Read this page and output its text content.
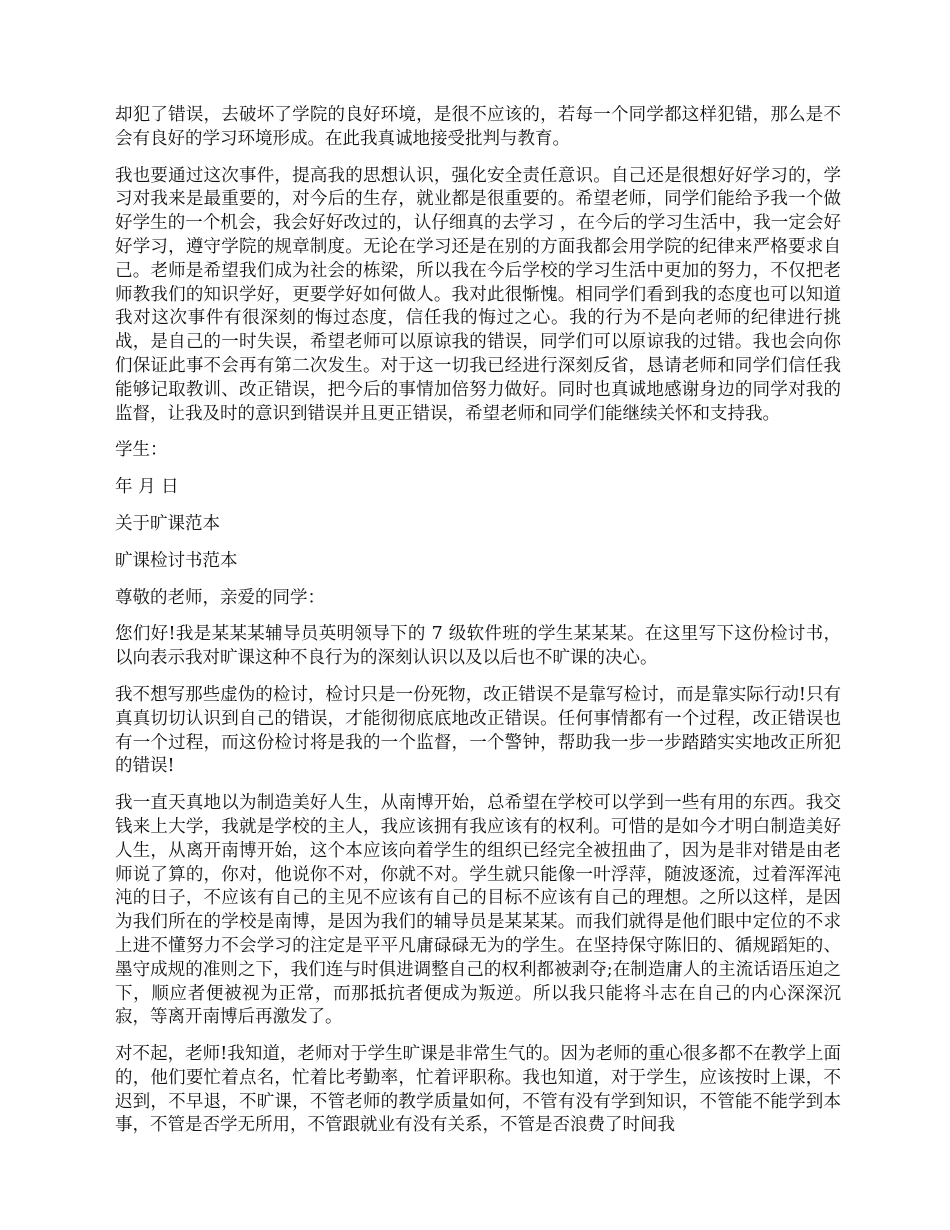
却犯了错误，去破坏了学院的良好环境，是很不应该的，若每一个同学都这样犯错，那么是不会有良好的学习环境形成。在此我真诚地接受批判与教育。

我也要通过这次事件，提高我的思想认识，强化安全责任意识。自己还是很想好好学习的，学习对我来是最重要的，对今后的生存，就业都是很重要的。希望老师，同学们能给予我一个做好学生的一个机会，我会好好改过的，认仔细真的去学习 ，在今后的学习生活中，我一定会好好学习，遵守学院的规章制度。无论在学习还是在别的方面我都会用学院的纪律来严格要求自己。老师是希望我们成为社会的栋梁，所以我在今后学校的学习生活中更加的努力，不仅把老师教我们的知识学好，更要学好如何做人。我对此很惭愧。相同学们看到我的态度也可以知道我对这次事件有很深刻的悔过态度，信任我的悔过之心。我的行为不是向老师的纪律进行挑战，是自己的一时失误，希望老师可以原谅我的错误，同学们可以原谅我的过错。我也会向你们保证此事不会再有第二次发生。对于这一切我已经进行深刻反省，恳请老师和同学们信任我能够记取教训、改正错误，把今后的事情加倍努力做好。同时也真诚地感谢身边的同学对我的监督，让我及时的意识到错误并且更正错误，希望老师和同学们能继续关怀和支持我。

学生：

年 月 日

关于旷课范本

旷课检讨书范本

尊敬的老师，亲爱的同学：

您们好!我是某某某辅导员英明领导下的 7 级软件班的学生某某某。在这里写下这份检讨书，以向表示我对旷课这种不良行为的深刻认识以及以后也不旷课的决心。

我不想写那些虚伪的检讨，检讨只是一份死物，改正错误不是靠写检讨，而是靠实际行动!只有真真切切认识到自己的错误，才能彻彻底底地改正错误。任何事情都有一个过程，改正错误也有一个过程，而这份检讨将是我的一个监督，一个警钟，帮助我一步一步踏踏实实地改正所犯的错误!

我一直天真地以为制造美好人生，从南博开始，总希望在学校可以学到一些有用的东西。我交钱来上大学，我就是学校的主人，我应该拥有我应该有的权利。可惜的是如今才明白制造美好人生，从离开南博开始，这个本应该向着学生的组织已经完全被扭曲了，因为是非对错是由老师说了算的，你对，他说你不对，你就不对。学生就只能像一叶浮萍，随波逐流，过着浑浑沌沌的日子，不应该有自己的主见不应该有自己的目标不应该有自己的理想。之所以这样，是因为我们所在的学校是南博，是因为我们的辅导员是某某某。而我们就得是他们眼中定位的不求上进不懂努力不会学习的注定是平平凡庸碌碌无为的学生。在坚持保守陈旧的、循规蹈矩的、墨守成规的准则之下，我们连与时俱进调整自己的权利都被剥夺;在制造庸人的主流话语压迫之下，顺应者便被视为正常，而那抵抗者便成为叛逆。所以我只能将斗志在自己的内心深深沉寂，等离开南博后再激发了。

对不起，老师!我知道，老师对于学生旷课是非常生气的。因为老师的重心很多都不在教学上面的，他们要忙着点名，忙着比考勤率，忙着评职称。我也知道，对于学生，应该按时上课，不迟到，不早退，不旷课，不管老师的教学质量如何，不管有没有学到知识，不管能不能学到本事，不管是否学无所用，不管跟就业有没有关系，不管是否浪费了时间我
